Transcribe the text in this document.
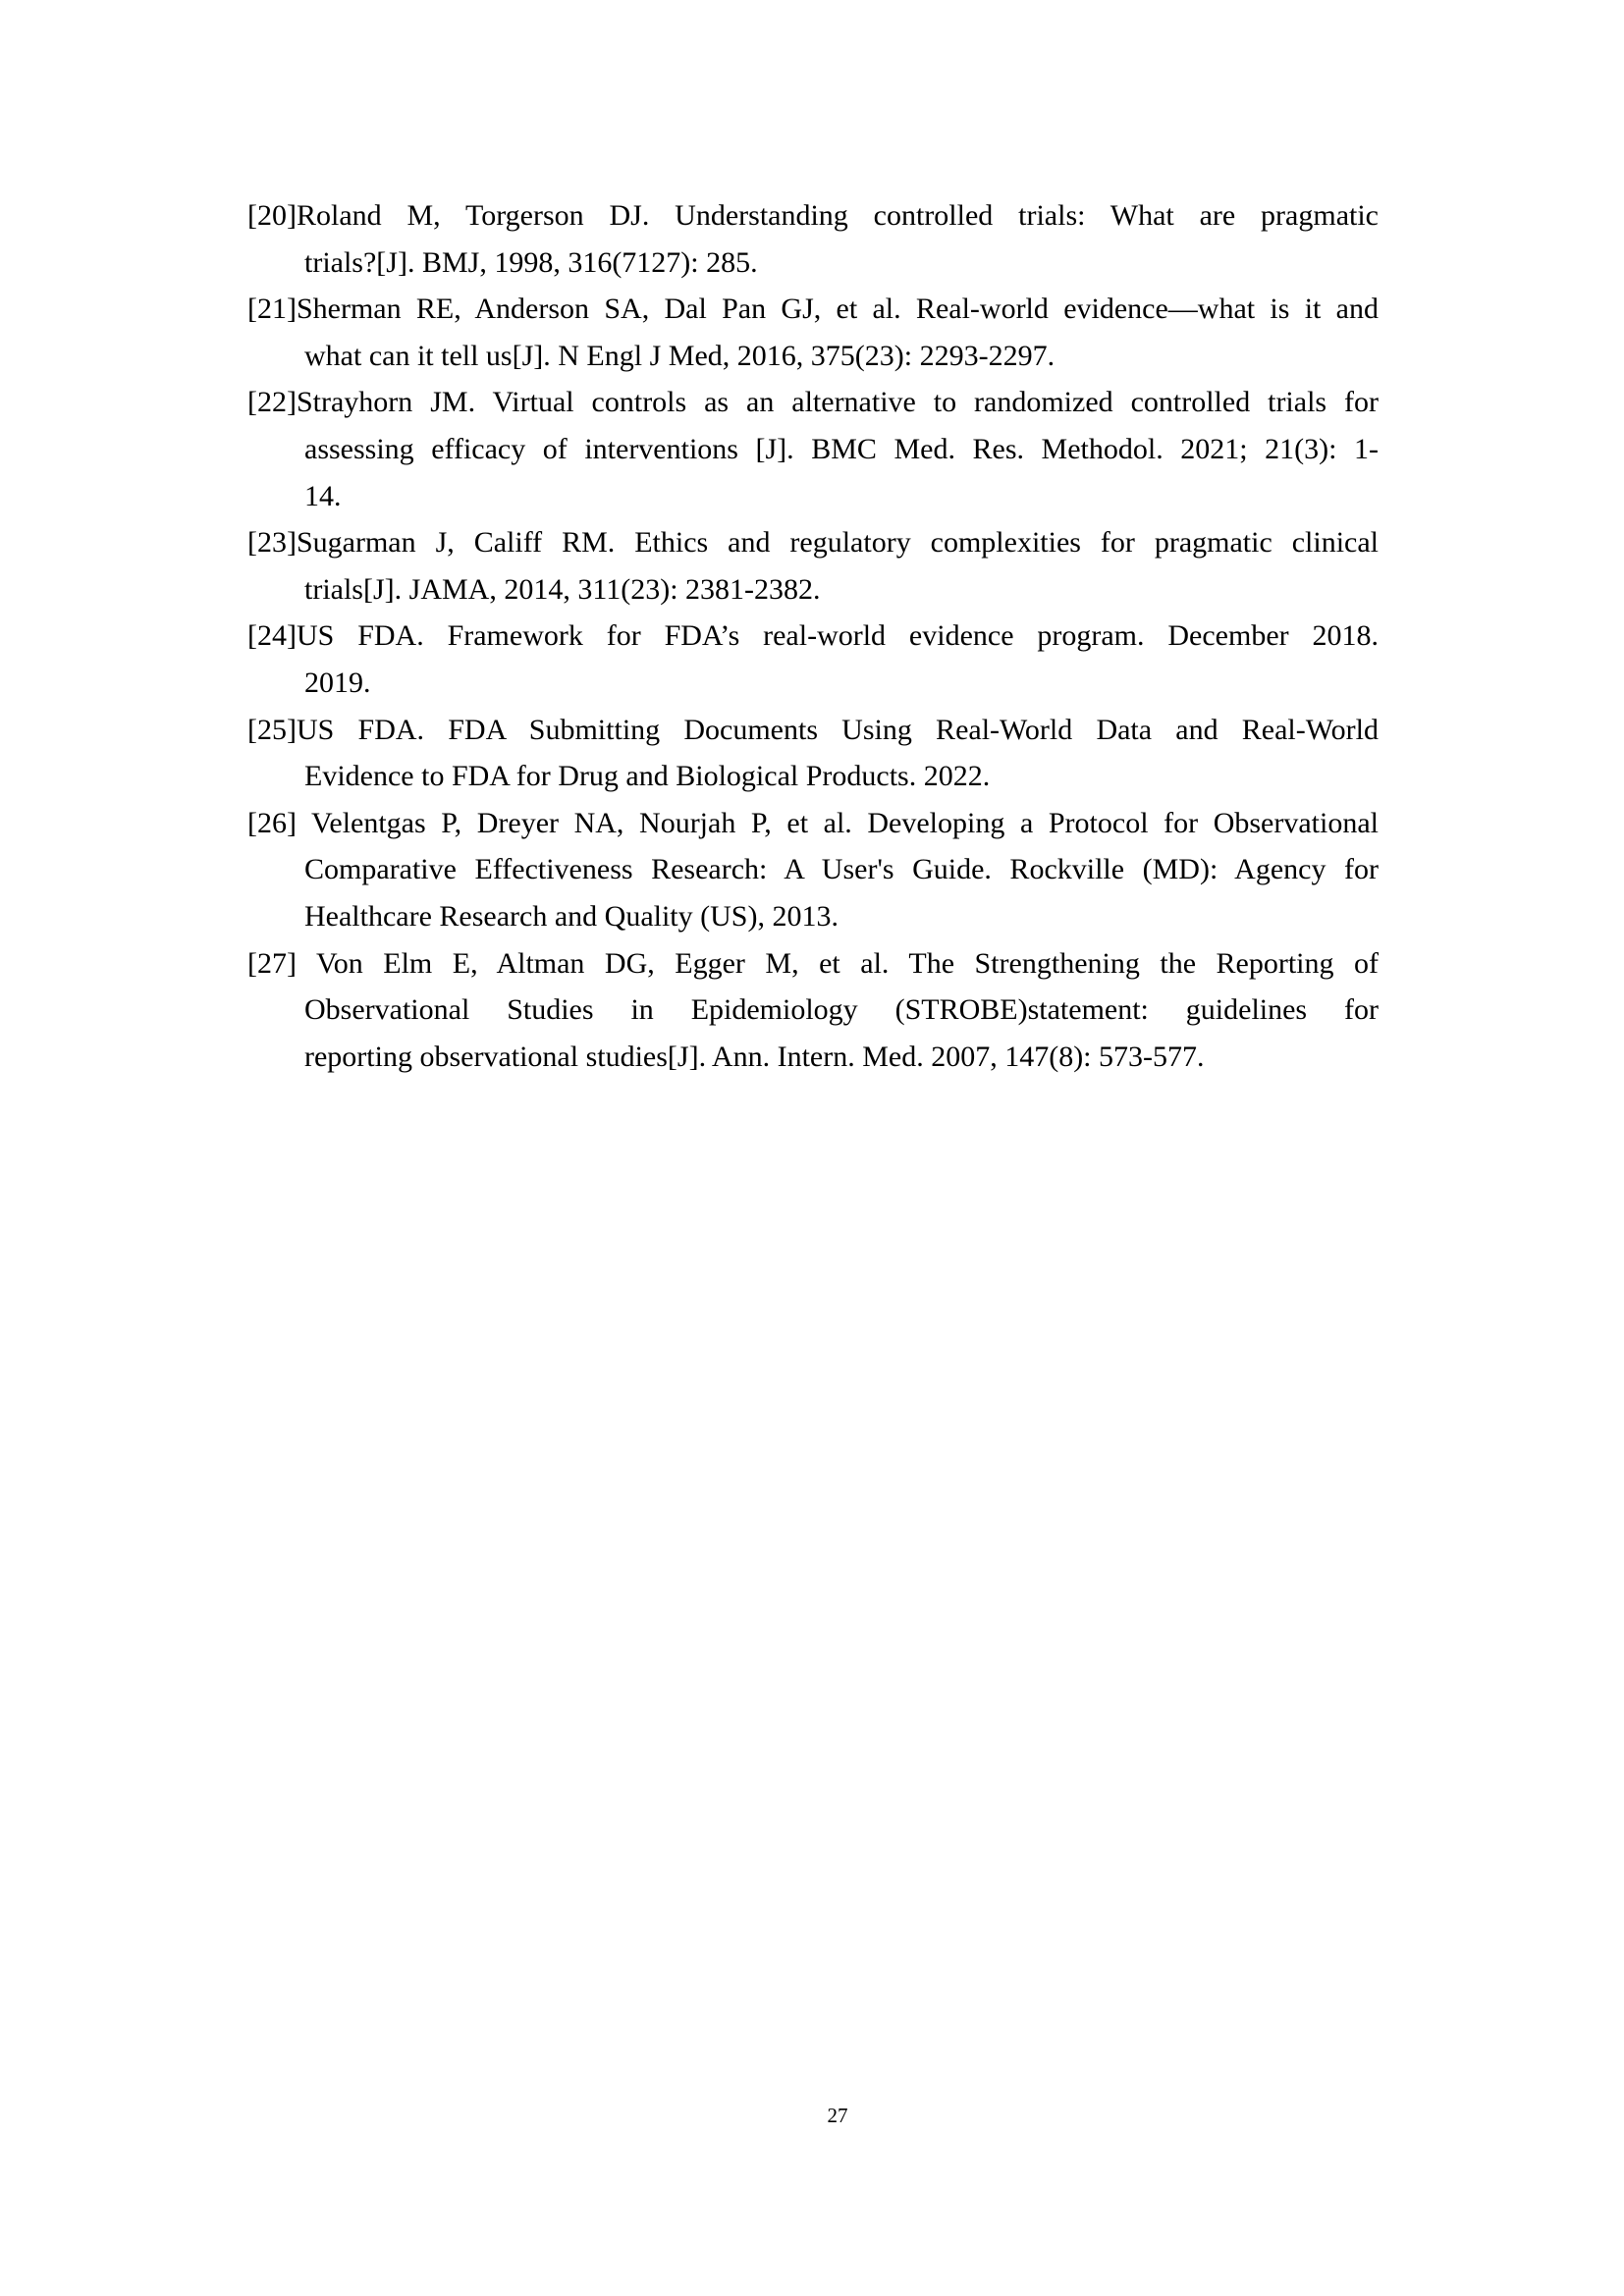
[20]Roland M, Torgerson DJ. Understanding controlled trials: What are pragmatic
trials?[J]. BMJ, 1998, 316(7127): 285.
[21]Sherman RE, Anderson SA, Dal Pan GJ, et al. Real-world evidence—what is it and
what can it tell us[J]. N Engl J Med, 2016, 375(23): 2293-2297.
[22]Strayhorn JM. Virtual controls as an alternative to randomized controlled trials for
assessing efficacy of interventions [J]. BMC Med. Res. Methodol. 2021; 21(3): 1-
14.
[23]Sugarman J, Califf RM. Ethics and regulatory complexities for pragmatic clinical
trials[J]. JAMA, 2014, 311(23): 2381-2382.
[24]US FDA. Framework for FDA’s real-world evidence program. December 2018.
2019.
[25]US FDA. FDA Submitting Documents Using Real-World Data and Real-World
Evidence to FDA for Drug and Biological Products. 2022.
[26] Velentgas P, Dreyer NA, Nourjah P, et al. Developing a Protocol for Observational
Comparative Effectiveness Research: A User's Guide. Rockville (MD): Agency for
Healthcare Research and Quality (US), 2013.
[27] Von Elm E, Altman DG, Egger M, et al. The Strengthening the Reporting of
Observational Studies in Epidemiology (STROBE)statement: guidelines for
reporting observational studies[J]. Ann. Intern. Med. 2007, 147(8): 573-577.
27
